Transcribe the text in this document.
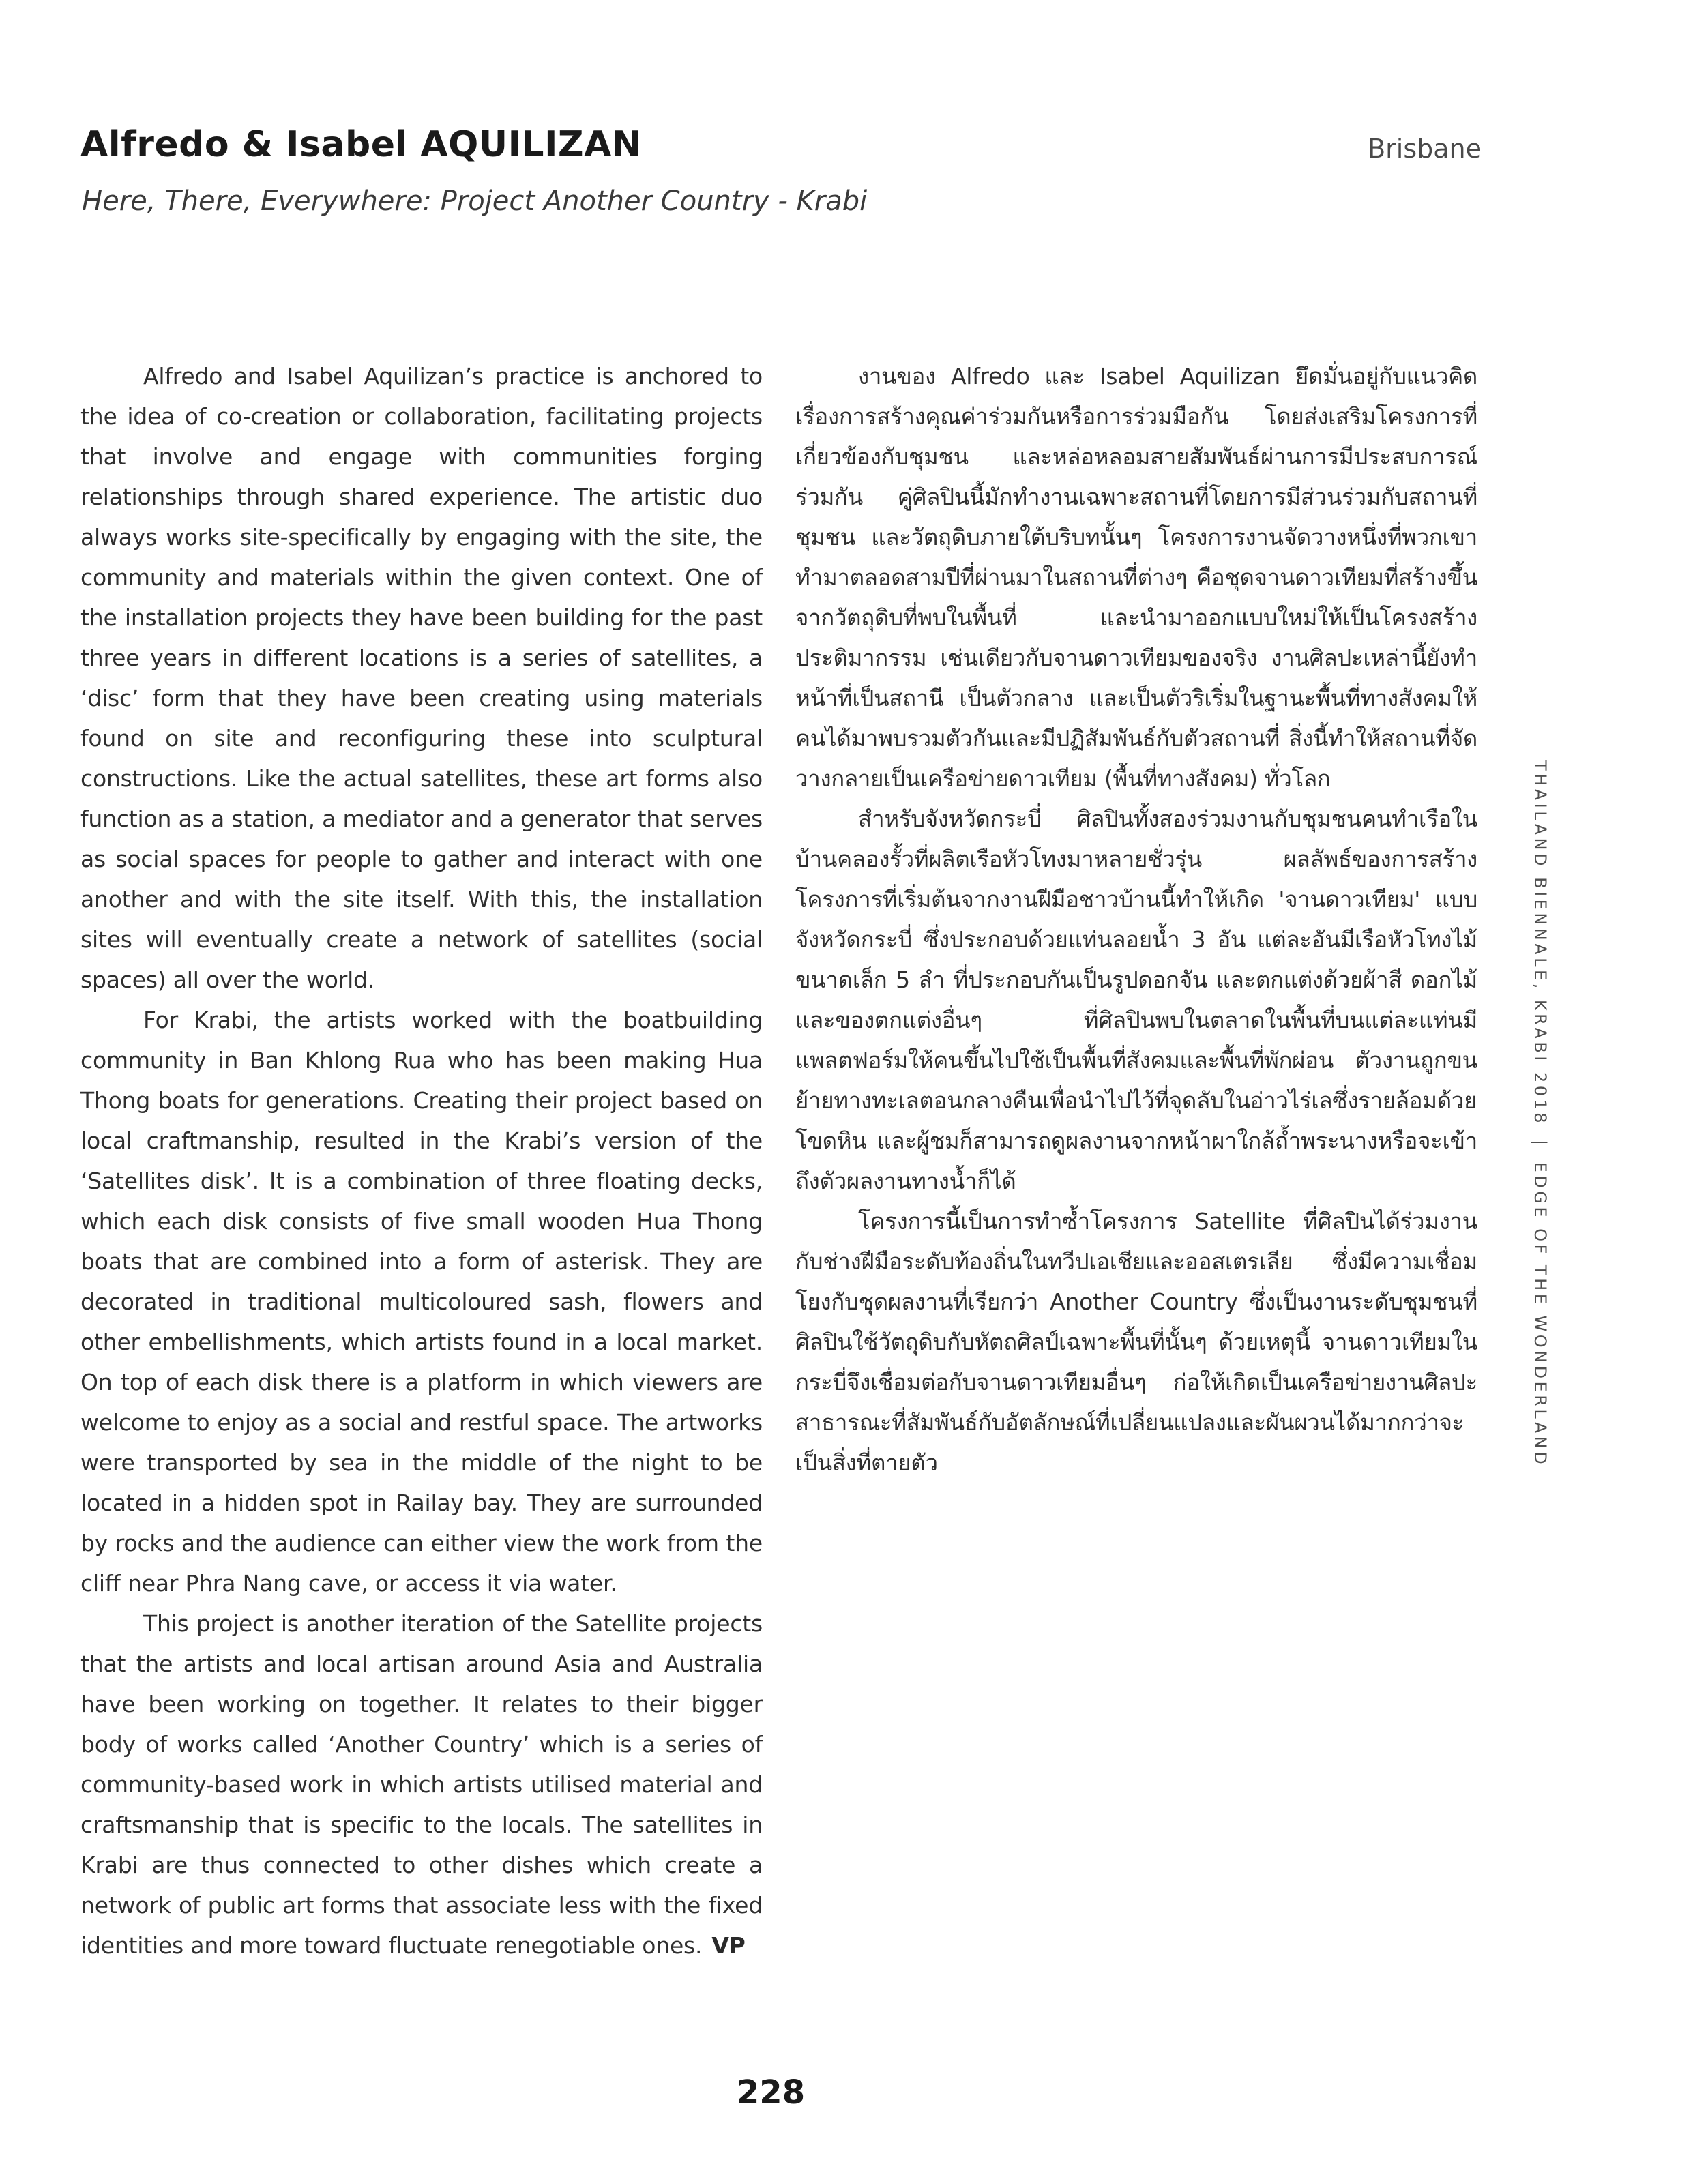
Alfredo & Isabel AQUILIZAN	Brisbane
Here, There, Everywhere: Project Another Country - Krabi

Alfredo and Isabel Aquilizan’s practice is anchored to the idea of co-creation or collaboration, facilitating projects that involve and engage with communities forging relationships through shared experience. The artistic duo always works site-specifically by engaging with the site, the community and materials within the given context. One of the installation projects they have been building for the past three years in different locations is a series of satellites, a ‘disc’ form that they have been creating using materials found on site and reconfiguring these into sculptural constructions. Like the actual satellites, these art forms also function as a station, a mediator and a generator that serves as social spaces for people to gather and interact with one another and with the site itself. With this, the installation sites will eventually create a network of satellites (social spaces) all over the world.

For Krabi, the artists worked with the boatbuilding community in Ban Khlong Rua who has been making Hua Thong boats for generations. Creating their project based on local craftmanship, resulted in the Krabi’s version of the ‘Satellites disk’. It is a combination of three floating decks, which each disk consists of five small wooden Hua Thong boats that are combined into a form of asterisk. They are decorated in traditional multicoloured sash, flowers and other embellishments, which artists found in a local market. On top of each disk there is a platform in which viewers are welcome to enjoy as a social and restful space. The artworks were transported by sea in the middle of the night to be located in a hidden spot in Railay bay. They are surrounded by rocks and the audience can either view the work from the cliff near Phra Nang cave, or access it via water.

This project is another iteration of the Satellite projects that the artists and local artisan around Asia and Australia have been working on together. It relates to their bigger body of works called ‘Another Country’ which is a series of community-based work in which artists utilised material and craftsmanship that is specific to the locals. The satellites in Krabi are thus connected to other dishes which create a network of public art forms that associate less with the fixed identities and more toward fluctuate renegotiable ones. VP

งานของ Alfredo และ Isabel Aquilizan ยึดมั่นอยู่กับแนวคิดเรื่องการสร้างคุณค่าร่วมกันหรือการร่วมมือกัน โดยส่งเสริมโครงการที่เกี่ยวข้องกับชุมชน และหล่อหลอมสายสัมพันธ์ผ่านการมีประสบการณ์ร่วมกัน คู่ศิลปินนี้มักทำงานเฉพาะสถานที่โดยการมีส่วนร่วมกับสถานที่ ชุมชน และวัตถุดิบภายใต้บริบทนั้นๆ โครงการงานจัดวางหนึ่งที่พวกเขาทำมาตลอดสามปีที่ผ่านมาในสถานที่ต่างๆ คือชุดจานดาวเทียมที่สร้างขึ้นจากวัตถุดิบที่พบในพื้นที่ และนำมาออกแบบใหม่ให้เป็นโครงสร้างประติมากรรม เช่นเดียวกับจานดาวเทียมของจริง งานศิลปะเหล่านี้ยังทำหน้าที่เป็นสถานี เป็นตัวกลาง และเป็นตัวริเริ่มในฐานะพื้นที่ทางสังคมให้คนได้มาพบรวมตัวกันและมีปฏิสัมพันธ์กับตัวสถานที่ สิ่งนี้ทำให้สถานที่จัดวางกลายเป็นเครือข่ายดาวเทียม (พื้นที่ทางสังคม) ทั่วโลก

สำหรับจังหวัดกระบี่ ศิลปินทั้งสองร่วมงานกับชุมชนคนทำเรือในบ้านคลองรั้วที่ผลิตเรือหัวโทงมาหลายชั่วรุ่น ผลลัพธ์ของการสร้างโครงการที่เริ่มต้นจากงานฝีมือชาวบ้านนี้ทำให้เกิด 'จานดาวเทียม' แบบจังหวัดกระบี่ ซึ่งประกอบด้วยแท่นลอยน้ำ 3 อัน แต่ละอันมีเรือหัวโทงไม้ขนาดเล็ก 5 ลำ ที่ประกอบกันเป็นรูปดอกจัน และตกแต่งด้วยผ้าสี ดอกไม้ และของตกแต่งอื่นๆ ที่ศิลปินพบในตลาดในพื้นที่บนแต่ละแท่นมีแพลตฟอร์มให้คนขึ้นไปใช้เป็นพื้นที่สังคมและพื้นที่พักผ่อน ตัวงานถูกขนย้ายทางทะเลตอนกลางคืนเพื่อนำไปไว้ที่จุดลับในอ่าวไร่เลซึ่งรายล้อมด้วยโขดหิน และผู้ชมก็สามารถดูผลงานจากหน้าผาใกล้ถ้ำพระนางหรือจะเข้าถึงตัวผลงานทางน้ำก็ได้

โครงการนี้เป็นการทำซ้ำโครงการ Satellite ที่ศิลปินได้ร่วมงานกับช่างฝีมือระดับท้องถิ่นในทวีปเอเชียและออสเตรเลีย ซึ่งมีความเชื่อมโยงกับชุดผลงานที่เรียกว่า Another Country ซึ่งเป็นงานระดับชุมชนที่ศิลปินใช้วัตถุดิบกับหัตถศิลป์เฉพาะพื้นที่นั้นๆ ด้วยเหตุนี้ จานดาวเทียมในกระบี่จึงเชื่อมต่อกับจานดาวเทียมอื่นๆ ก่อให้เกิดเป็นเครือข่ายงานศิลปะสาธารณะที่สัมพันธ์กับอัตลักษณ์ที่เปลี่ยนแปลงและผันผวนได้มากกว่าจะเป็นสิ่งที่ตายตัว

THAILAND BIENNALE, KRABI 2018|EDGE OF THE WONDERLAND
228
